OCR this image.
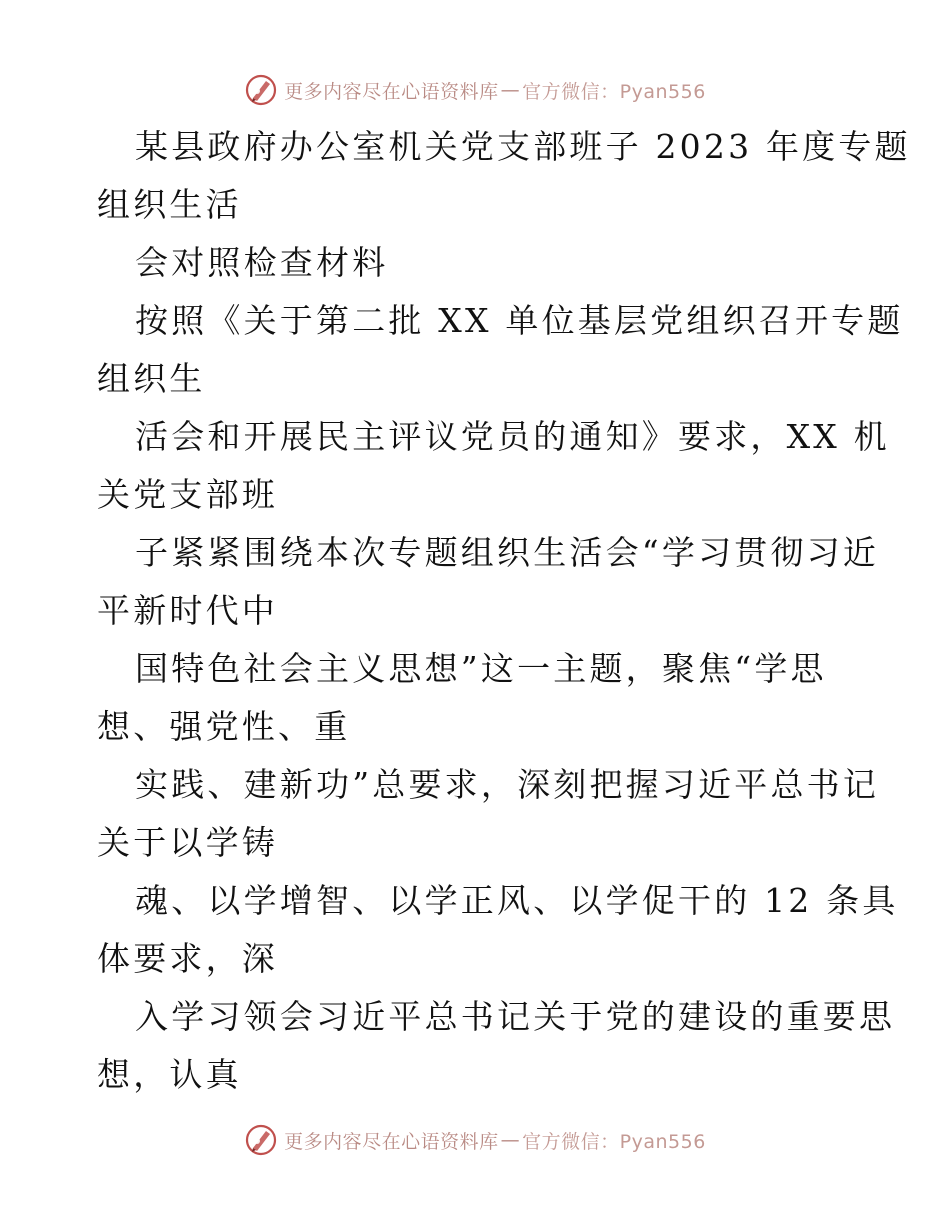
更多内容尽在心语资料库 — 官方微信：Pyan556
某县政府办公室机关党支部班子 2023 年度专题
组织生活
会对照检查材料
按照《关于第二批 XX 单位基层党组织召开专题
组织生
活会和开展民主评议党员的通知》要求，XX 机
关党支部班
子紧紧围绕本次专题组织生活会“学习贯彻习近
平新时代中
国特色社会主义思想”这一主题，聚焦“学思
想、强党性、重
实践、建新功”总要求，深刻把握习近平总书记
关于以学铸
魂、以学增智、以学正风、以学促干的 12 条具
体要求，深
入学习领会习近平总书记关于党的建设的重要思
想，认真
更多内容尽在心语资料库 — 官方微信：Pyan556
